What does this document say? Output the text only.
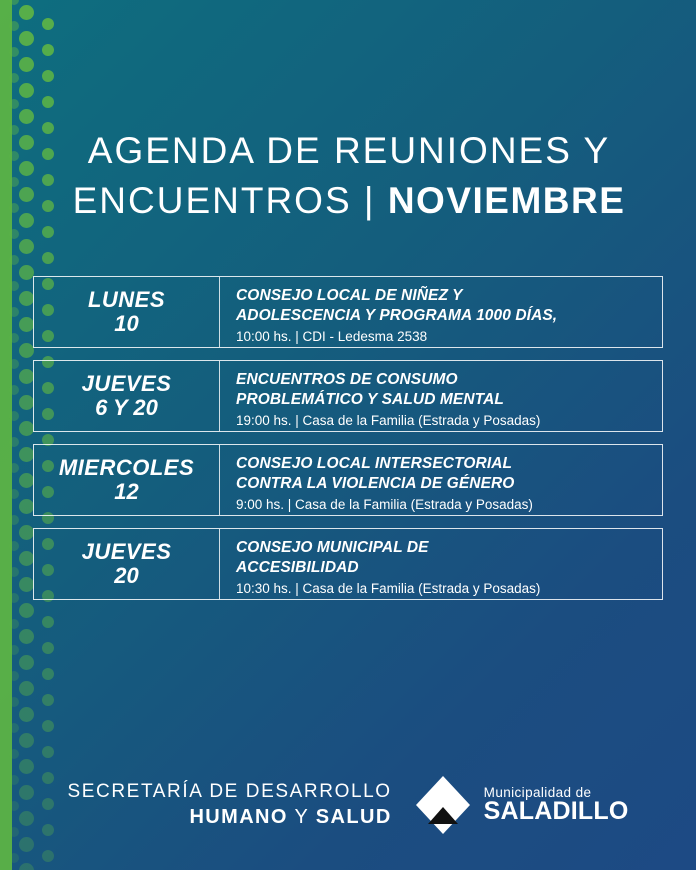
AGENDA DE REUNIONES Y
ENCUENTROS | NOVIEMBRE
LUNES
10
CONSEJO LOCAL DE NIÑEZ Y
ADOLESCENCIA Y PROGRAMA 1000 DÍAS,
10:00 hs. | CDI - Ledesma 2538
JUEVES
6 Y 20
ENCUENTROS DE CONSUMO
PROBLEMÁTICO Y SALUD MENTAL
19:00 hs. | Casa de la Familia (Estrada y Posadas)
MIERCOLES
12
CONSEJO LOCAL INTERSECTORIAL
CONTRA LA VIOLENCIA DE GÉNERO
9:00 hs. | Casa de la Familia (Estrada y Posadas)
JUEVES
20
CONSEJO MUNICIPAL DE
ACCESIBILIDAD
10:30 hs. | Casa de la Familia (Estrada y Posadas)
SECRETARÍA DE DESARROLLO
HUMANO Y SALUD
Municipalidad de
SALADILLO
